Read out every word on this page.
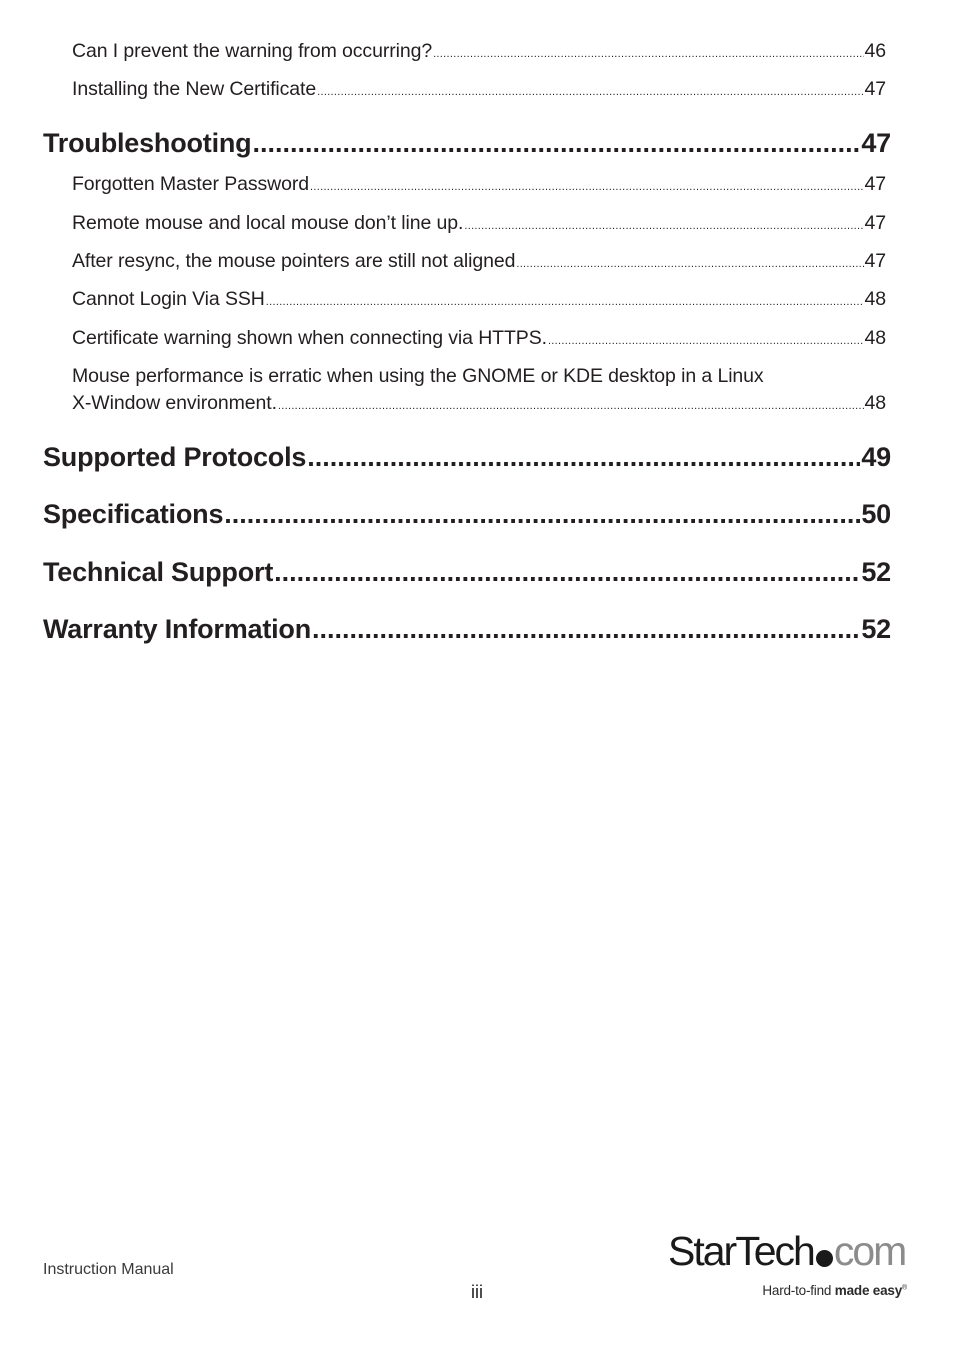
Can I prevent the warning from occurring? .....	46
Installing the New Certificate .....	47
Troubleshooting .....	47
Forgotten Master Password .....	47
Remote mouse and local mouse don’t line up. .....	47
After resync, the mouse pointers are still not aligned .....	47
Cannot Login Via SSH .....	48
Certificate warning shown when connecting via HTTPS. .....	48
Mouse performance is erratic when using the GNOME or KDE desktop in a Linux
X-Window environment. .....	48
Supported Protocols .....	49
Specifications .....	50
Technical Support .....	52
Warranty Information .....	52
Instruction Manual
iii
StarTech com
Hard-to-find made easy®
